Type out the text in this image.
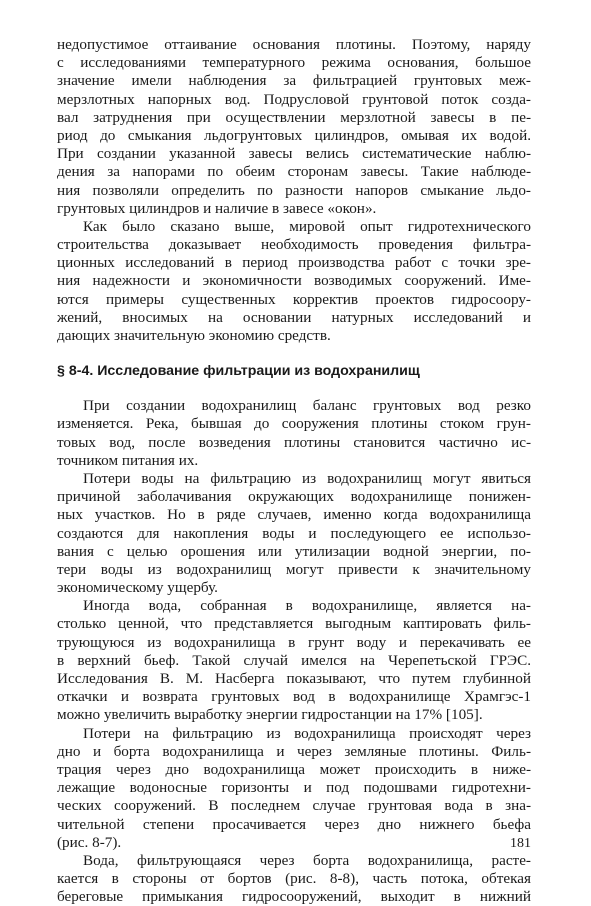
недопустимое оттаивание основания плотины. Поэтому, наряду
с исследованиями температурного режима основания, большое
значение имели наблюдения за фильтрацией грунтовых меж-
мерзлотных напорных вод. Подрусловой грунтовой поток созда-
вал затруднения при осуществлении мерзлотной завесы в пе-
риод до смыкания льдогрунтовых цилиндров, омывая их водой.
При создании указанной завесы велись систематические наблю-
дения за напорами по обеим сторонам завесы. Такие наблюде-
ния позволяли определить по разности напоров смыкание льдо-
грунтовых цилиндров и наличие в завесе «окон».
Как было сказано выше, мировой опыт гидротехнического
строительства доказывает необходимость проведения фильтра-
ционных исследований в период производства работ с точки зре-
ния надежности и экономичности возводимых сооружений. Име-
ются примеры существенных корректив проектов гидросоору-
жений, вносимых на основании натурных исследований и
дающих значительную экономию средств.
§ 8-4. Исследование фильтрации из водохранилищ
При создании водохранилищ баланс грунтовых вод резко
изменяется. Река, бывшая до сооружения плотины стоком грун-
товых вод, после возведения плотины становится частично ис-
точником питания их.
Потери воды на фильтрацию из водохранилищ могут явиться
причиной заболачивания окружающих водохранилище понижен-
ных участков. Но в ряде случаев, именно когда водохранилища
создаются для накопления воды и последующего ее использо-
вания с целью орошения или утилизации водной энергии, по-
тери воды из водохранилищ могут привести к значительному
экономическому ущербу.
Иногда вода, собранная в водохранилище, является на-
столько ценной, что представляется выгодным каптировать филь-
трующуюся из водохранилища в грунт воду и перекачивать ее
в верхний бьеф. Такой случай имелся на Черепетьской ГРЭС.
Исследования В. М. Насберга показывают, что путем глубинной
откачки и возврата грунтовых вод в водохранилище Храмгэс-1
можно увеличить выработку энергии гидростанции на 17% [105].
Потери на фильтрацию из водохранилища происходят через
дно и борта водохранилища и через земляные плотины. Филь-
трация через дно водохранилища может происходить в ниже-
лежащие водоносные горизонты и под подошвами гидротехни-
ческих сооружений. В последнем случае грунтовая вода в зна-
чительной степени просачивается через дно нижнего бьефа
(рис. 8-7).
Вода, фильтрующаяся через борта водохранилища, расте-
кается в стороны от бортов (рис. 8-8), часть потока, обтекая
береговые примыкания гидросооружений, выходит в нижний
181
